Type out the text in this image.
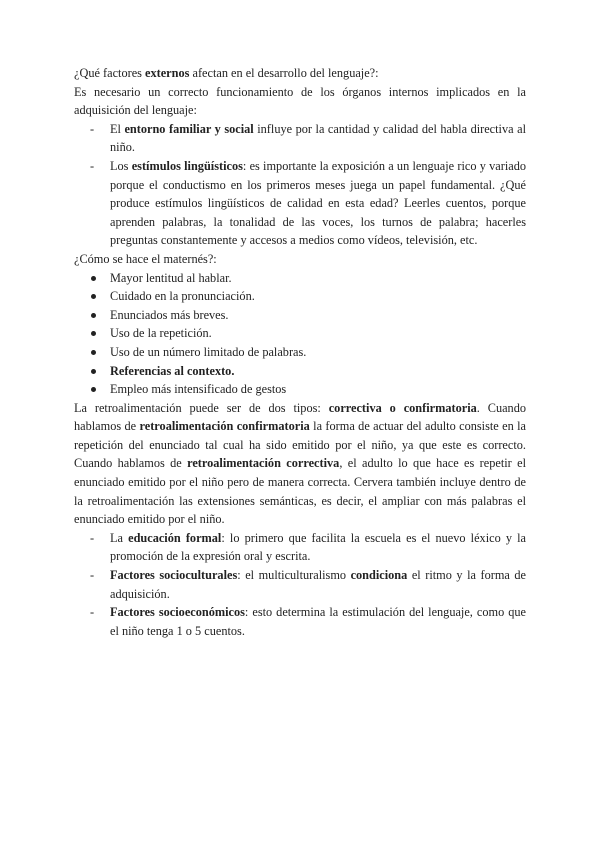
¿Qué factores externos afectan en el desarrollo del lenguaje?:

Es necesario un correcto funcionamiento de los órganos internos implicados en la adquisición del lenguaje:

- El entorno familiar y social influye por la cantidad y calidad del habla directiva al niño.
- Los estímulos lingüísticos: es importante la exposición a un lenguaje rico y variado porque el conductismo en los primeros meses juega un papel fundamental. ¿Qué produce estímulos lingüísticos de calidad en esta edad? Leerles cuentos, porque aprenden palabras, la tonalidad de las voces, los turnos de palabra; hacerles preguntas constantemente y accesos a medios como vídeos, televisión, etc.

¿Cómo se hace el maternés?:

Mayor lentitud al hablar.
Cuidado en la pronunciación.
Enunciados más breves.
Uso de la repetición.
Uso de un número limitado de palabras.
Referencias al contexto.
Empleo más intensificado de gestos

La retroalimentación puede ser de dos tipos: correctiva o confirmatoria. Cuando hablamos de retroalimentación confirmatoria la forma de actuar del adulto consiste en la repetición del enunciado tal cual ha sido emitido por el niño, ya que este es correcto. Cuando hablamos de retroalimentación correctiva, el adulto lo que hace es repetir el enunciado emitido por el niño pero de manera correcta. Cervera también incluye dentro de la retroalimentación las extensiones semánticas, es decir, el ampliar con más palabras el enunciado emitido por el niño.

- La educación formal: lo primero que facilita la escuela es el nuevo léxico y la promoción de la expresión oral y escrita.
- Factores socioculturales: el multiculturalismo condiciona el ritmo y la forma de adquisición.
- Factores socioeconómicos: esto determina la estimulación del lenguaje, como que el niño tenga 1 o 5 cuentos.
